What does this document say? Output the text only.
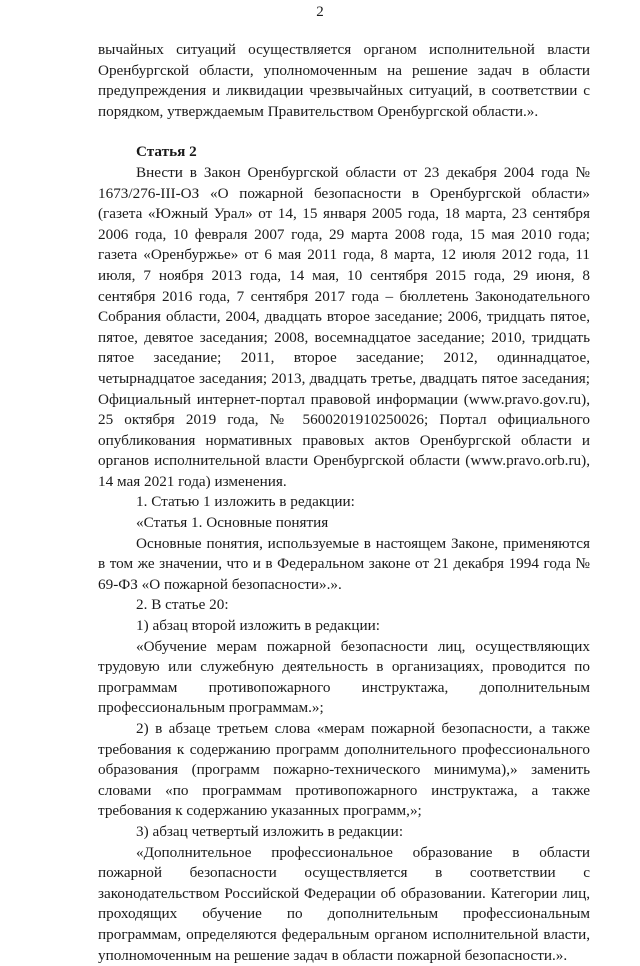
2

вычайных ситуаций осуществляется органом исполнительной власти Оренбургской области, уполномоченным на решение задач в области предупреждения и ликвидации чрезвычайных ситуаций, в соответствии с порядком, утверждаемым Правительством Оренбургской области.».

Статья 2

Внести в Закон Оренбургской области от 23 декабря 2004 года № 1673/276-III-ОЗ «О пожарной безопасности в Оренбургской области» (газета «Южный Урал» от 14, 15 января 2005 года, 18 марта, 23 сентября 2006 года, 10 февраля 2007 года, 29 марта 2008 года, 15 мая 2010 года; газета «Оренбуржье» от 6 мая 2011 года, 8 марта, 12 июля 2012 года, 11 июля, 7 ноября 2013 года, 14 мая, 10 сентября 2015 года, 29 июня, 8 сентября 2016 года, 7 сентября 2017 года – бюллетень Законодательного Собрания области, 2004, двадцать второе заседание; 2006, тридцать пятое, пятое, девятое заседания; 2008, восемнадцатое заседание; 2010, тридцать пятое заседание; 2011, второе заседание; 2012, одиннадцатое, четырнадцатое заседания; 2013, двадцать третье, двадцать пятое заседания; Официальный интернет-портал правовой информации (www.pravo.gov.ru), 25 октября 2019 года, № 5600201910250026; Портал официального опубликования нормативных правовых актов Оренбургской области и органов исполнительной власти Оренбургской области (www.pravo.orb.ru), 14 мая 2021 года) изменения.

1. Статью 1 изложить в редакции:

«Статья 1. Основные понятия

Основные понятия, используемые в настоящем Законе, применяются в том же значении, что и в Федеральном законе от 21 декабря 1994 года № 69-ФЗ «О пожарной безопасности».».

2. В статье 20:

1) абзац второй изложить в редакции:

«Обучение мерам пожарной безопасности лиц, осуществляющих трудовую или служебную деятельность в организациях, проводится по программам противопожарного инструктажа, дополнительным профессиональным программам.»;

2) в абзаце третьем слова «мерам пожарной безопасности, а также требования к содержанию программ дополнительного профессионального образования (программ пожарно-технического минимума),» заменить словами «по программам противопожарного инструктажа, а также требования к содержанию указанных программ,»;

3) абзац четвертый изложить в редакции:

«Дополнительное профессиональное образование в области пожарной безопасности осуществляется в соответствии с законодательством Российской Федерации об образовании. Категории лиц, проходящих обучение по дополнительным профессиональным программам, определяются федеральным органом исполнительной власти, уполномоченным на решение задач в области пожарной безопасности.».
